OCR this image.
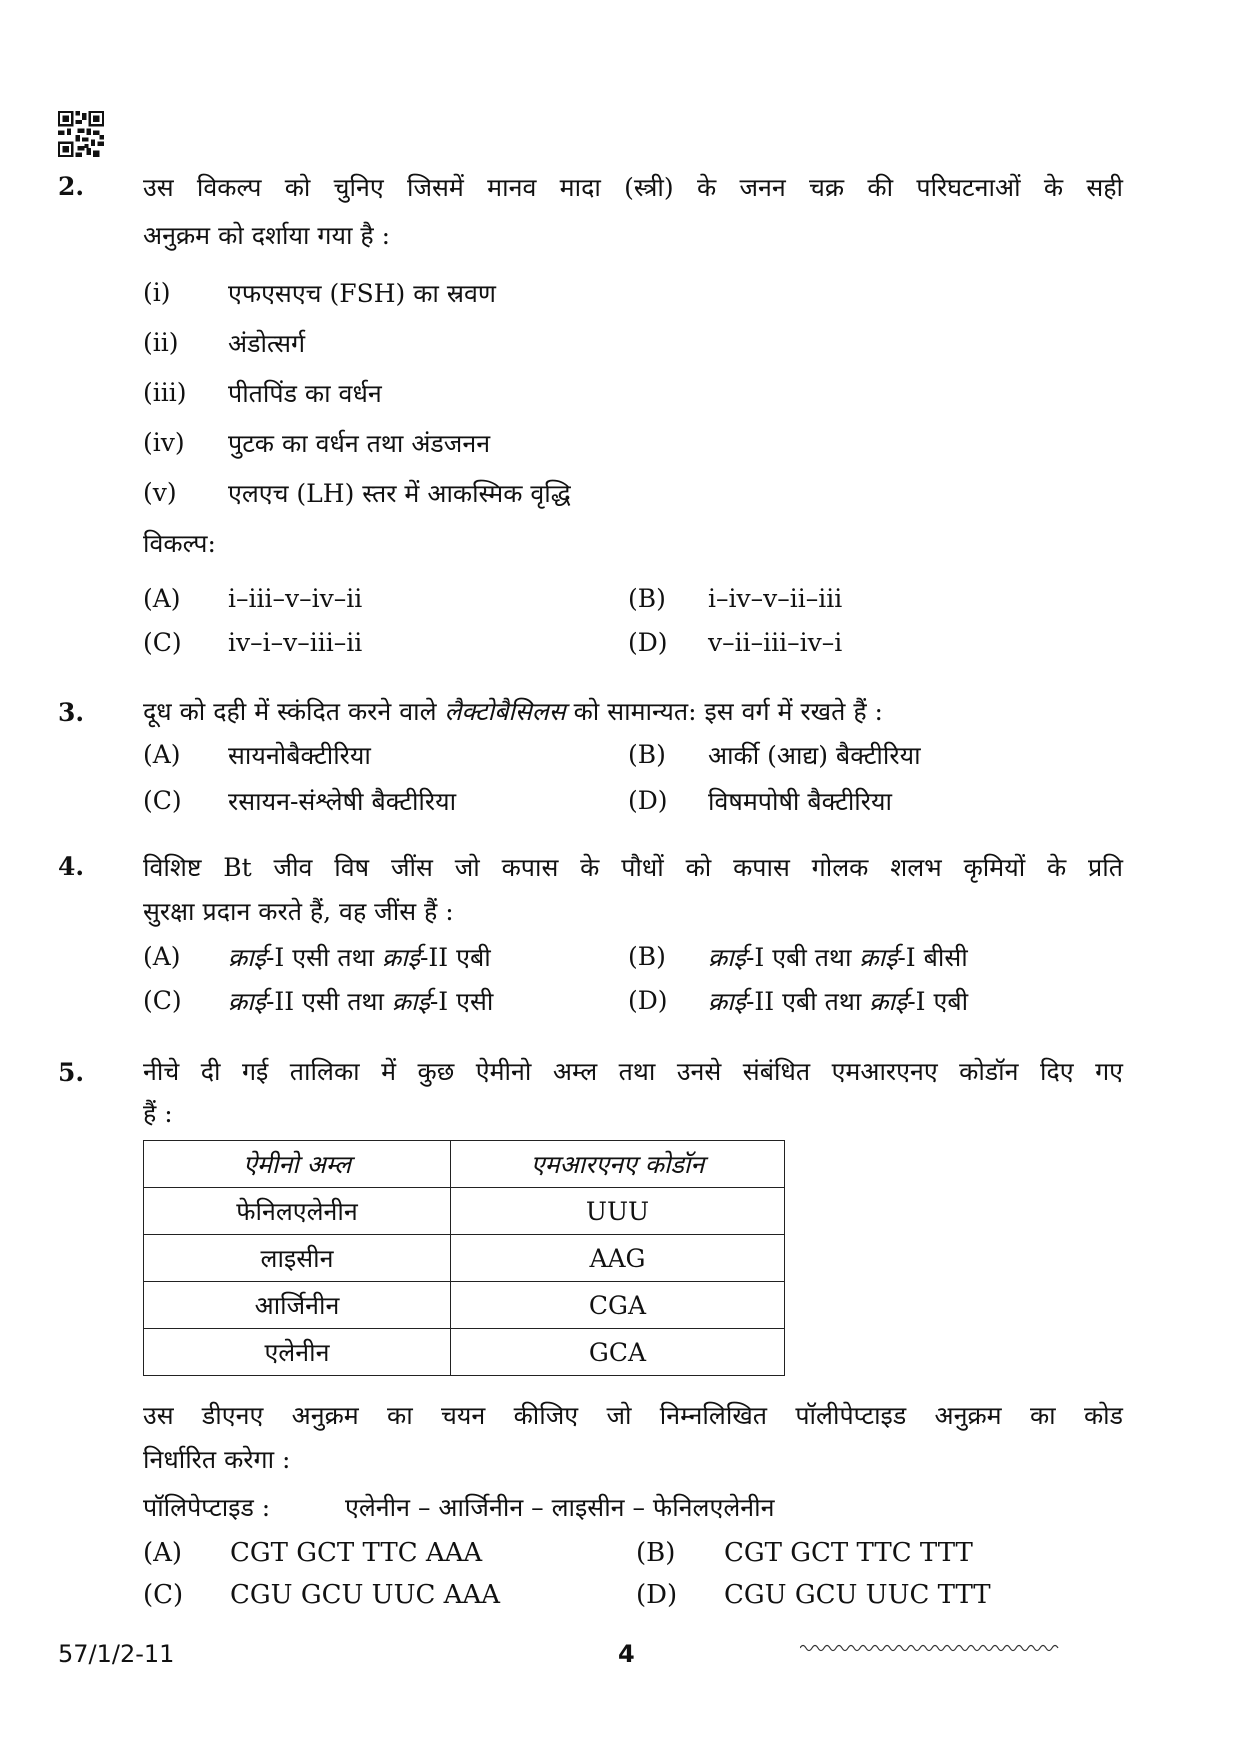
2. उस विकल्प को चुनिए जिसमें मानव मादा (स्त्री) के जनन चक्र की परिघटनाओं के सही
अनुक्रम को दर्शाया गया है :
(i) एफएसएच (FSH) का स्रवण
(ii) अंडोत्सर्ग
(iii) पीतपिंड का वर्धन
(iv) पुटक का वर्धन तथा अंडजनन
(v) एलएच (LH) स्तर में आकस्मिक वृद्धि
विकल्प:
(A) i–iii–v–iv–ii	(B) i–iv–v–ii–iii
(C) iv–i–v–iii–ii	(D) v–ii–iii–iv–i
3. दूध को दही में स्कंदित करने वाले लैक्टोबैसिलस को सामान्यत: इस वर्ग में रखते हैं :
(A) सायनोबैक्टीरिया	(B) आर्की (आद्य) बैक्टीरिया
(C) रसायन-संश्लेषी बैक्टीरिया	(D) विषमपोषी बैक्टीरिया
4. विशिष्ट Bt जीव विष जींस जो कपास के पौधों को कपास गोलक शलभ कृमियों के प्रति
सुरक्षा प्रदान करते हैं, वह जींस हैं :
(A) क्राई-I एसी तथा क्राई-II एबी	(B) क्राई-I एबी तथा क्राई-I बीसी
(C) क्राई-II एसी तथा क्राई-I एसी	(D) क्राई-II एबी तथा क्राई-I एबी
5. नीचे दी गई तालिका में कुछ ऐमीनो अम्ल तथा उनसे संबंधित एमआरएनए कोडॉन दिए गए
हैं :
ऐमीनो अम्ल	एमआरएनए कोडॉन
फेनिलएलेनीन	UUU
लाइसीन	AAG
आर्जिनीन	CGA
एलेनीन	GCA
उस डीएनए अनुक्रम का चयन कीजिए जो निम्नलिखित पॉलीपेप्टाइड अनुक्रम का कोड
निर्धारित करेगा :
पॉलिपेप्टाइड :	एलेनीन – आर्जिनीन – लाइसीन – फेनिलएलेनीन
(A) CGT GCT TTC AAA	(B) CGT GCT TTC TTT
(C) CGU GCU UUC AAA	(D) CGU GCU UUC TTT
57/1/2-11	4
